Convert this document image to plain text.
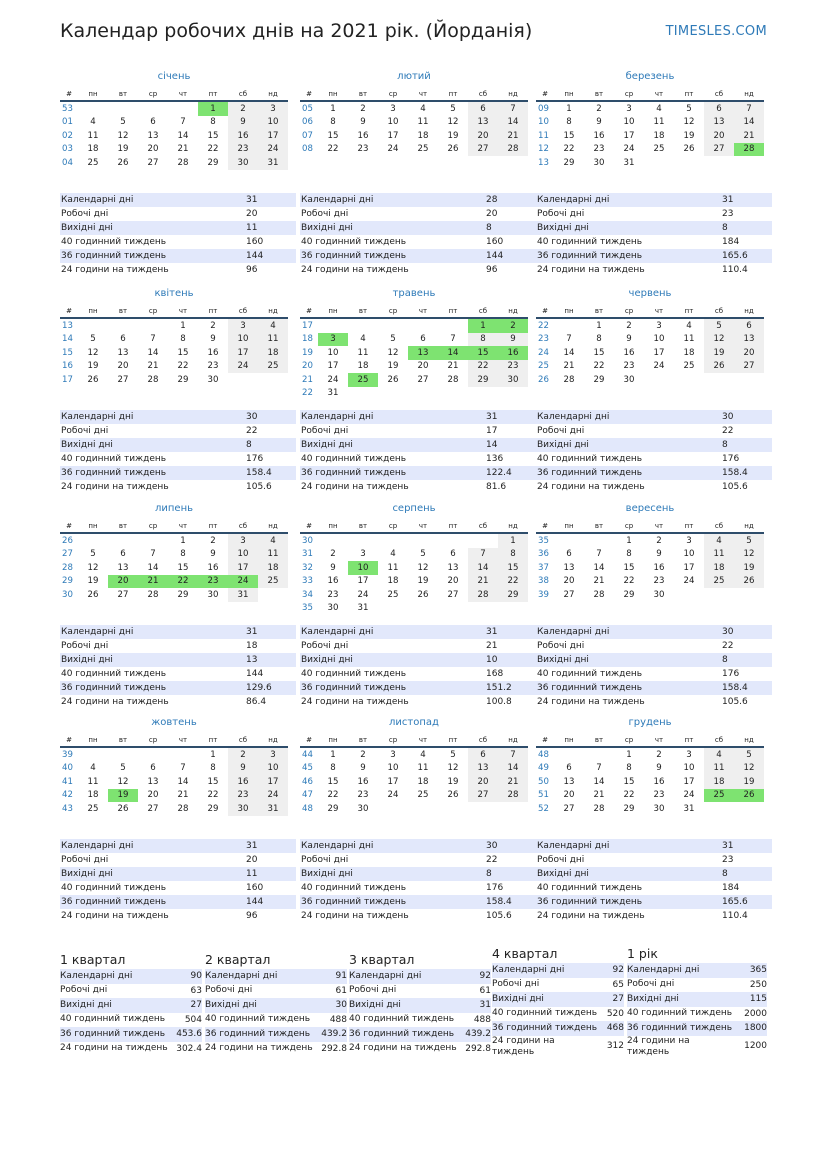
Календар робочих днів на 2021 рік. (Йорданія)	TIMESLES.COM
січень
#	пн	вт	ср	чт	пт	сб	нд
53					1	2	3
01	4	5	6	7	8	9	10
02	11	12	13	14	15	16	17
03	18	19	20	21	22	23	24
04	25	26	27	28	29	30	31
Календарні дні	31
Робочі дні	20
Вихідні дні	11
40 годинний тиждень	160
36 годинний тиждень	144
24 години на тиждень	96
лютий
#	пн	вт	ср	чт	пт	сб	нд
05	1	2	3	4	5	6	7
06	8	9	10	11	12	13	14
07	15	16	17	18	19	20	21
08	22	23	24	25	26	27	28
Календарні дні	28
Робочі дні	20
Вихідні дні	8
40 годинний тиждень	160
36 годинний тиждень	144
24 години на тиждень	96
березень
#	пн	вт	ср	чт	пт	сб	нд
09	1	2	3	4	5	6	7
10	8	9	10	11	12	13	14
11	15	16	17	18	19	20	21
12	22	23	24	25	26	27	28
13	29	30	31				
Календарні дні	31
Робочі дні	23
Вихідні дні	8
40 годинний тиждень	184
36 годинний тиждень	165.6
24 години на тиждень	110.4
квітень
#	пн	вт	ср	чт	пт	сб	нд
13				1	2	3	4
14	5	6	7	8	9	10	11
15	12	13	14	15	16	17	18
16	19	20	21	22	23	24	25
17	26	27	28	29	30		
Календарні дні	30
Робочі дні	22
Вихідні дні	8
40 годинний тиждень	176
36 годинний тиждень	158.4
24 години на тиждень	105.6
травень
#	пн	вт	ср	чт	пт	сб	нд
17						1	2
18	3	4	5	6	7	8	9
19	10	11	12	13	14	15	16
20	17	18	19	20	21	22	23
21	24	25	26	27	28	29	30
22	31						
Календарні дні	31
Робочі дні	17
Вихідні дні	14
40 годинний тиждень	136
36 годинний тиждень	122.4
24 години на тиждень	81.6
червень
#	пн	вт	ср	чт	пт	сб	нд
22		1	2	3	4	5	6
23	7	8	9	10	11	12	13
24	14	15	16	17	18	19	20
25	21	22	23	24	25	26	27
26	28	29	30				
Календарні дні	30
Робочі дні	22
Вихідні дні	8
40 годинний тиждень	176
36 годинний тиждень	158.4
24 години на тиждень	105.6
липень
#	пн	вт	ср	чт	пт	сб	нд
26				1	2	3	4
27	5	6	7	8	9	10	11
28	12	13	14	15	16	17	18
29	19	20	21	22	23	24	25
30	26	27	28	29	30	31	
Календарні дні	31
Робочі дні	18
Вихідні дні	13
40 годинний тиждень	144
36 годинний тиждень	129.6
24 години на тиждень	86.4
серпень
#	пн	вт	ср	чт	пт	сб	нд
30							1
31	2	3	4	5	6	7	8
32	9	10	11	12	13	14	15
33	16	17	18	19	20	21	22
34	23	24	25	26	27	28	29
35	30	31					
Календарні дні	31
Робочі дні	21
Вихідні дні	10
40 годинний тиждень	168
36 годинний тиждень	151.2
24 години на тиждень	100.8
вересень
#	пн	вт	ср	чт	пт	сб	нд
35			1	2	3	4	5
36	6	7	8	9	10	11	12
37	13	14	15	16	17	18	19
38	20	21	22	23	24	25	26
39	27	28	29	30			
Календарні дні	30
Робочі дні	22
Вихідні дні	8
40 годинний тиждень	176
36 годинний тиждень	158.4
24 години на тиждень	105.6
жовтень
#	пн	вт	ср	чт	пт	сб	нд
39					1	2	3
40	4	5	6	7	8	9	10
41	11	12	13	14	15	16	17
42	18	19	20	21	22	23	24
43	25	26	27	28	29	30	31
Календарні дні	31
Робочі дні	20
Вихідні дні	11
40 годинний тиждень	160
36 годинний тиждень	144
24 години на тиждень	96
листопад
#	пн	вт	ср	чт	пт	сб	нд
44	1	2	3	4	5	6	7
45	8	9	10	11	12	13	14
46	15	16	17	18	19	20	21
47	22	23	24	25	26	27	28
48	29	30					
Календарні дні	30
Робочі дні	22
Вихідні дні	8
40 годинний тиждень	176
36 годинний тиждень	158.4
24 години на тиждень	105.6
грудень
#	пн	вт	ср	чт	пт	сб	нд
48			1	2	3	4	5
49	6	7	8	9	10	11	12
50	13	14	15	16	17	18	19
51	20	21	22	23	24	25	26
52	27	28	29	30	31		
Календарні дні	31
Робочі дні	23
Вихідні дні	8
40 годинний тиждень	184
36 годинний тиждень	165.6
24 години на тиждень	110.4
1 квартал
Календарні дні	90
Робочі дні	63
Вихідні дні	27
40 годинний тиждень 504
36 годинний тиждень 453.6
24 години на тиждень 302.4
2 квартал
Календарні дні	91
Робочі дні	61
Вихідні дні	30
40 годинний тиждень 488
36 годинний тиждень 439.2
24 години на тиждень 292.8
3 квартал
Календарні дні	92
Робочі дні	61
Вихідні дні	31
40 годинний тиждень 488
36 годинний тиждень 439.2
24 години на тиждень 292.8
4 квартал
Календарні дні	92
Робочі дні	65
Вихідні дні	27
40 годинний тиждень 520
36 годинний тиждень 468
24 години на тиждень
312
1 рік
Календарні дні	365
Робочі дні	250
Вихідні дні	115
40 годинний тиждень 2000
36 годинний тиждень 1800
24 години на тиждень
1200
